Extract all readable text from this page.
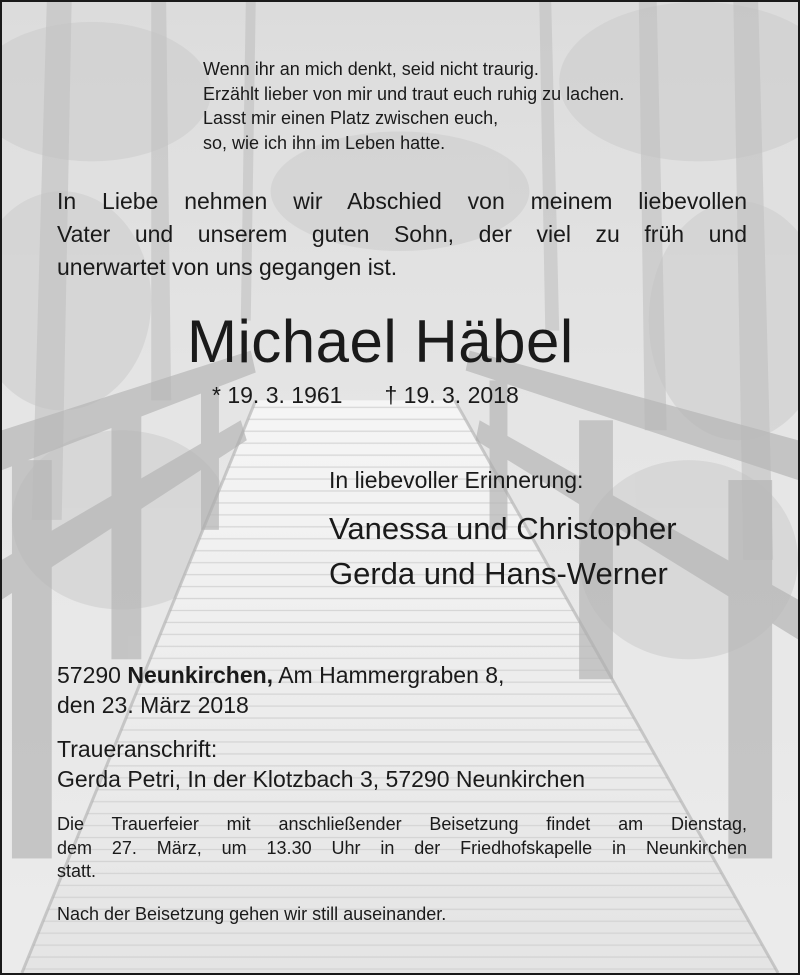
Wenn ihr an mich denkt, seid nicht traurig.
Erzählt lieber von mir und traut euch ruhig zu lachen.
Lasst mir einen Platz zwischen euch,
so, wie ich ihn im Leben hatte.
In Liebe nehmen wir Abschied von meinem liebevollen
Vater und unserem guten Sohn, der viel zu früh und
unerwartet von uns gegangen ist.
Michael Häbel
* 19. 3. 1961 † 19. 3. 2018
In liebevoller Erinnerung:
Vanessa und Christopher
Gerda und Hans-Werner
57290 Neunkirchen, Am Hammergraben 8,
den 23. März 2018
Traueranschrift:
Gerda Petri, In der Klotzbach 3, 57290 Neunkirchen
Die Trauerfeier mit anschließender Beisetzung findet am Dienstag,
dem 27. März, um 13.30 Uhr in der Friedhofskapelle in Neunkirchen
statt.
Nach der Beisetzung gehen wir still auseinander.
